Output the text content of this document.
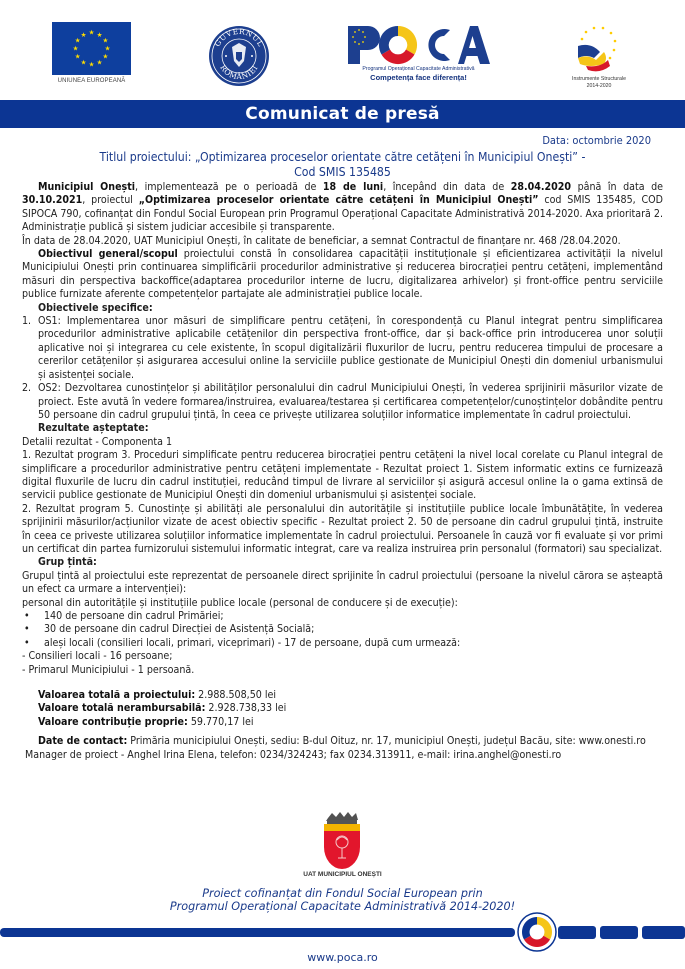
★ ★
★
★
★
★
★
★
★
★
★
★
UNIUNEA EUROPEANĂ
GUVERNUL
ROMÂNIEI	Programul Operațional Capacitate Administrativă
Competența face diferența!	Instrumente Structurale
2014-2020
Comunicat de presă
Data: octombrie 2020
Titlul proiectului: „Optimizarea proceselor orientate către cetățeni în Municipiul Onești” -
Cod SMIS 135485

Municipiul Onești, implementează pe o perioadă de 18 de luni, începând din data de 28.04.2020 până în data de 30.10.2021, proiectul „Optimizarea proceselor orientate către cetățeni în Municipiul Onești” cod SMIS 135485, COD SIPOCA 790, cofinanțat din Fondul Social European prin Programul Operațional Capacitate Administrativă 2014-2020. Axa prioritară 2. Administrație publică și sistem judiciar accesibile și transparente.

În data de 28.04.2020, UAT Municipiul Onești, în calitate de beneficiar, a semnat Contractul de finanțare nr. 468 /28.04.2020.

Obiectivul general/scopul proiectului constă în consolidarea capacității instituționale și eficientizarea activității la nivelul Municipiului Onești prin continuarea simplificării procedurilor administrative și reducerea birocrației pentru cetățeni, implementând măsuri din perspectiva backoffice(adaptarea procedurilor interne de lucru, digitalizarea arhivelor) și front-office pentru serviciile publice furnizate aferente competențelor partajate ale administrației publice locale.

Obiectivele specifice:
1. OS1: Implementarea unor măsuri de simplificare pentru cetățeni, în corespondență cu Planul integrat pentru simplificarea procedurilor administrative aplicabile cetățenilor din perspectiva front-office, dar și back-office prin introducerea unor soluții aplicative noi și integrarea cu cele existente, în scopul digitalizării fluxurilor de lucru, pentru reducerea timpului de procesare a cererilor cetățenilor și asigurarea accesului online la serviciile publice gestionate de Municipiul Onești din domeniul urbanismului și asistenței sociale.
2. OS2: Dezvoltarea cunostințelor și abilităților personalului din cadrul Municipiului Onești, în vederea sprijinirii măsurilor vizate de proiect. Este avută în vedere formarea/instruirea, evaluarea/testarea și certificarea competențelor/cunoștințelor dobândite pentru 50 persoane din cadrul grupului țintă, în ceea ce privește utilizarea soluțiilor informatice implementate în cadrul proiectului.
Rezultate așteptate:
Detalii rezultat - Componenta 1

1. Rezultat program 3. Proceduri simplificate pentru reducerea birocrației pentru cetățeni la nivel local corelate cu Planul integral de simplificare a procedurilor administrative pentru cetățeni implementate - Rezultat proiect 1. Sistem informatic extins ce furnizează digital fluxurile de lucru din cadrul instituției, reducând timpul de livrare al serviciilor și asigură accesul online la o gama extinsă de servicii publice gestionate de Municipiul Onești din domeniul urbanismului și asistenței sociale.

2. Rezultat program 5. Cunostințe și abilități ale personalului din autoritățile și instituțiile publice locale îmbunătățite, în vederea sprijinirii măsurilor/acțiunilor vizate de acest obiectiv specific - Rezultat proiect 2. 50 de persoane din cadrul grupului țintă, instruite în ceea ce priveste utilizarea soluțiilor informatice implementate în cadrul proiectului. Persoanele în cauză vor fi evaluate și vor primi un certificat din partea furnizorului sistemului informatic integrat, care va realiza instruirea prin personalul (formatori) sau specializat.

Grup țintă:

Grupul țintă al proiectului este reprezentat de persoanele direct sprijinite în cadrul proiectului (persoane la nivelul cărora se așteaptă un efect ca urmare a intervenției):

personal din autoritățile și instituțiile publice locale (personal de conducere și de execuție):
•	140 de persoane din cadrul Primăriei;
•	30 de persoane din cadrul Direcției de Asistență Socială;
•	aleși locali (consilieri locali, primari, viceprimari) - 17 de persoane, după cum urmează:
- Consilieri locali - 16 persoane;
- Primarul Municipiului - 1 persoană.
Valoarea totală a proiectului: 2.988.508,50 lei
Valoare totală nerambursabilă: 2.928.738,33 lei
Valoare contribuție proprie: 59.770,17 lei

Date de contact: Primăria municipiului Onești, sediu: B-dul Oituz, nr. 17, municipiul Onești, județul Bacău, site: www.onesti.ro

Manager de proiect - Anghel Irina Elena, telefon: 0234/324243; fax 0234.313911, e-mail: irina.anghel@onesti.ro

UAT MUNICIPIUL ONEȘTI
Proiect cofinanțat din Fondul Social European prin
Programul Operațional Capacitate Administrativă 2014-2020!
www.poca.ro
